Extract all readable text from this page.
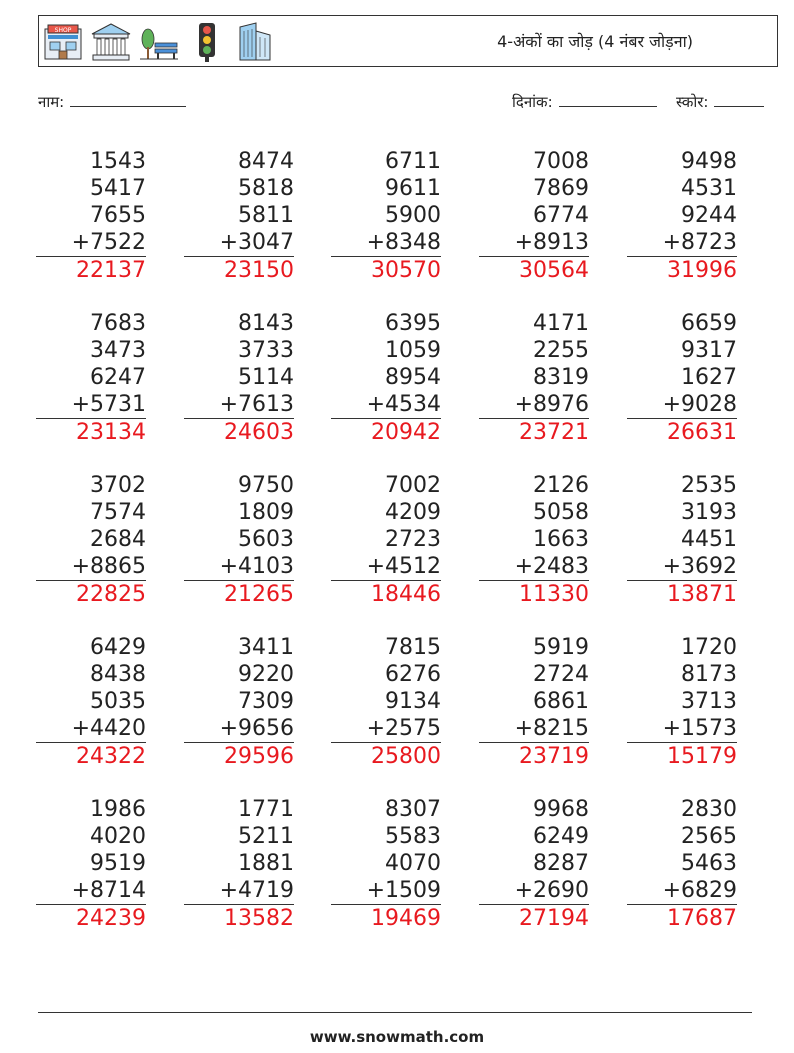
SHOP
4-अंकों का जोड़ (4 नंबर जोड़ना)
नाम:	दिनांक:	स्कोर:
1543
5417
7655
+7522
22137
8474
5818
5811
+3047
23150
6711
9611
5900
+8348
30570
7008
7869
6774
+8913
30564
9498
4531
9244
+8723
31996
7683
3473
6247
+5731
23134
8143
3733
5114
+7613
24603
6395
1059
8954
+4534
20942
4171
2255
8319
+8976
23721
6659
9317
1627
+9028
26631
3702
7574
2684
+8865
22825
9750
1809
5603
+4103
21265
7002
4209
2723
+4512
18446
2126
5058
1663
+2483
11330
2535
3193
4451
+3692
13871
6429
8438
5035
+4420
24322
3411
9220
7309
+9656
29596
7815
6276
9134
+2575
25800
5919
2724
6861
+8215
23719
1720
8173
3713
+1573
15179
1986
4020
9519
+8714
24239
1771
5211
1881
+4719
13582
8307
5583
4070
+1509
19469
9968
6249
8287
+2690
27194
2830
2565
5463
+6829
17687
www.snowmath.com
